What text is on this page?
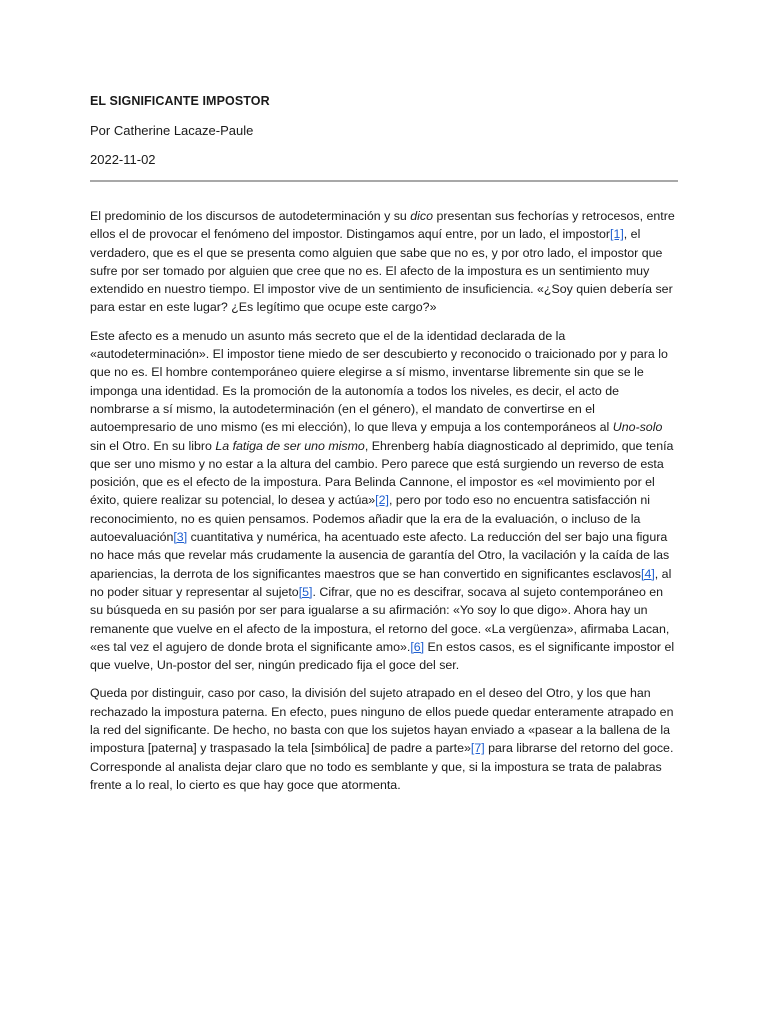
EL SIGNIFICANTE IMPOSTOR
Por Catherine Lacaze-Paule
2022-11-02

El predominio de los discursos de autodeterminación y su dico presentan sus fechorías y retrocesos, entre ellos el de provocar el fenómeno del impostor. Distingamos aquí entre, por un lado, el impostor[1], el verdadero, que es el que se presenta como alguien que sabe que no es, y por otro lado, el impostor que sufre por ser tomado por alguien que cree que no es. El afecto de la impostura es un sentimiento muy extendido en nuestro tiempo. El impostor vive de un sentimiento de insuficiencia. «¿Soy quien debería ser para estar en este lugar? ¿Es legítimo que ocupe este cargo?»

Este afecto es a menudo un asunto más secreto que el de la identidad declarada de la «autodeterminación». El impostor tiene miedo de ser descubierto y reconocido o traicionado por y para lo que no es. El hombre contemporáneo quiere elegirse a sí mismo, inventarse libremente sin que se le imponga una identidad. Es la promoción de la autonomía a todos los niveles, es decir, el acto de nombrarse a sí mismo, la autodeterminación (en el género), el mandato de convertirse en el autoempresario de uno mismo (es mi elección), lo que lleva y empuja a los contemporáneos al Uno-solo sin el Otro. En su libro La fatiga de ser uno mismo, Ehrenberg había diagnosticado al deprimido, que tenía que ser uno mismo y no estar a la altura del cambio. Pero parece que está surgiendo un reverso de esta posición, que es el efecto de la impostura. Para Belinda Cannone, el impostor es «el movimiento por el éxito, quiere realizar su potencial, lo desea y actúa»[2], pero por todo eso no encuentra satisfacción ni reconocimiento, no es quien pensamos. Podemos añadir que la era de la evaluación, o incluso de la autoevaluación[3] cuantitativa y numérica, ha acentuado este afecto. La reducción del ser bajo una figura no hace más que revelar más crudamente la ausencia de garantía del Otro, la vacilación y la caída de las apariencias, la derrota de los significantes maestros que se han convertido en significantes esclavos[4], al no poder situar y representar al sujeto[5]. Cifrar, que no es descifrar, socava al sujeto contemporáneo en su búsqueda en su pasión por ser para igualarse a su afirmación: «Yo soy lo que digo». Ahora hay un remanente que vuelve en el afecto de la impostura, el retorno del goce. «La vergüenza», afirmaba Lacan, «es tal vez el agujero de donde brota el significante amo».[6] En estos casos, es el significante impostor el que vuelve, Un-postor del ser, ningún predicado fija el goce del ser.

Queda por distinguir, caso por caso, la división del sujeto atrapado en el deseo del Otro, y los que han rechazado la impostura paterna. En efecto, pues ninguno de ellos puede quedar enteramente atrapado en la red del significante. De hecho, no basta con que los sujetos hayan enviado a «pasear a la ballena de la impostura [paterna] y traspasado la tela [simbólica] de padre a parte»[7] para librarse del retorno del goce. Corresponde al analista dejar claro que no todo es semblante y que, si la impostura se trata de palabras frente a lo real, lo cierto es que hay goce que atormenta.
